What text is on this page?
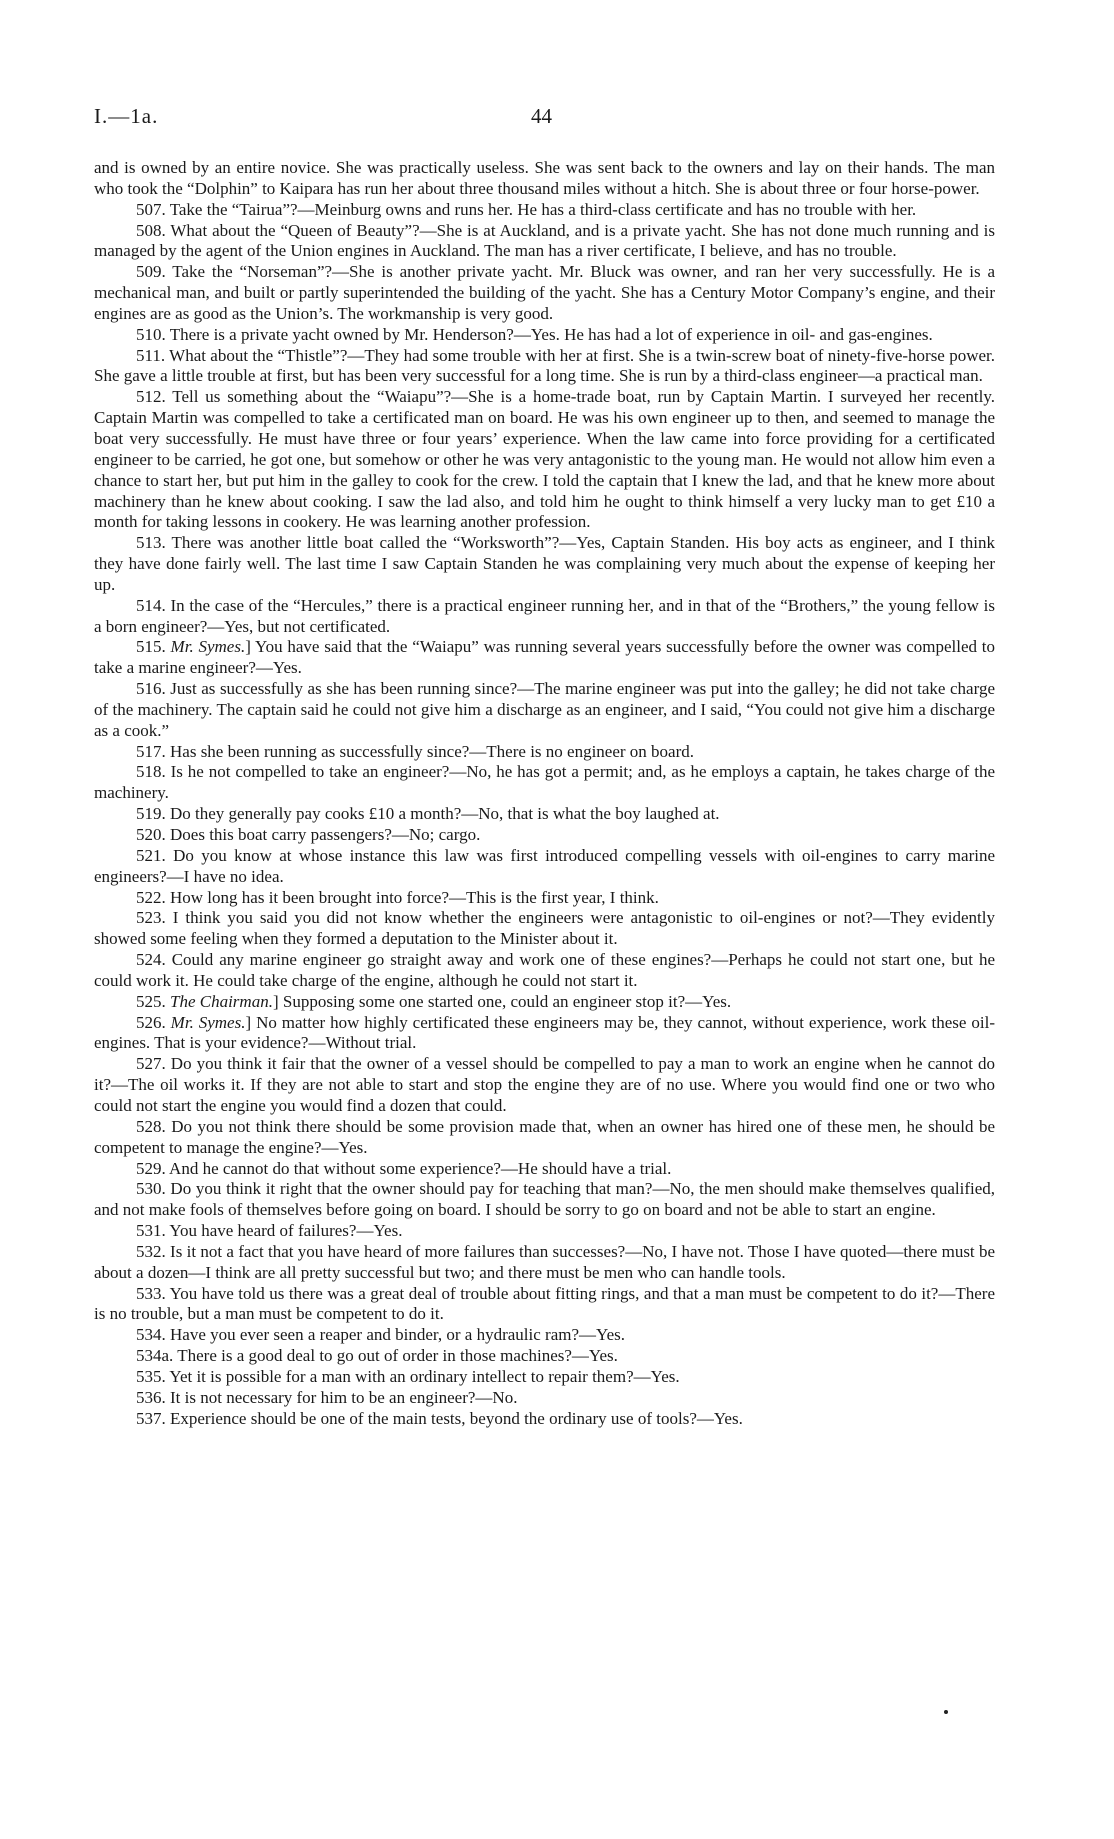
I.—1a.	44

and is owned by an entire novice. She was practically useless. She was sent back to the owners and lay on their hands. The man who took the “Dolphin” to Kaipara has run her about three thousand miles without a hitch. She is about three or four horse-power.

507. Take the “Tairua”?—Meinburg owns and runs her. He has a third-class certificate and has no trouble with her.

508. What about the “Queen of Beauty”?—She is at Auckland, and is a private yacht. She has not done much running and is managed by the agent of the Union engines in Auckland. The man has a river certificate, I believe, and has no trouble.

509. Take the “Norseman”?—She is another private yacht. Mr. Bluck was owner, and ran her very successfully. He is a mechanical man, and built or partly superintended the building of the yacht. She has a Century Motor Company’s engine, and their engines are as good as the Union’s. The workmanship is very good.

510. There is a private yacht owned by Mr. Henderson?—Yes. He has had a lot of experience in oil- and gas-engines.

511. What about the “Thistle”?—They had some trouble with her at first. She is a twin-screw boat of ninety-five-horse power. She gave a little trouble at first, but has been very successful for a long time. She is run by a third-class engineer—a practical man.

512. Tell us something about the “Waiapu”?—She is a home-trade boat, run by Captain Martin. I surveyed her recently. Captain Martin was compelled to take a certificated man on board. He was his own engineer up to then, and seemed to manage the boat very successfully. He must have three or four years’ experience. When the law came into force providing for a certificated engineer to be carried, he got one, but somehow or other he was very antagonistic to the young man. He would not allow him even a chance to start her, but put him in the galley to cook for the crew. I told the captain that I knew the lad, and that he knew more about machinery than he knew about cooking. I saw the lad also, and told him he ought to think himself a very lucky man to get £10 a month for taking lessons in cookery. He was learning another profession.

513. There was another little boat called the “Worksworth”?—Yes, Captain Standen. His boy acts as engineer, and I think they have done fairly well. The last time I saw Captain Standen he was complaining very much about the expense of keeping her up.

514. In the case of the “Hercules,” there is a practical engineer running her, and in that of the “Brothers,” the young fellow is a born engineer?—Yes, but not certificated.

515. Mr. Symes.] You have said that the “Waiapu” was running several years successfully before the owner was compelled to take a marine engineer?—Yes.

516. Just as successfully as she has been running since?—The marine engineer was put into the galley; he did not take charge of the machinery. The captain said he could not give him a discharge as an engineer, and I said, “You could not give him a discharge as a cook.”

517. Has she been running as successfully since?—There is no engineer on board.

518. Is he not compelled to take an engineer?—No, he has got a permit; and, as he employs a captain, he takes charge of the machinery.

519. Do they generally pay cooks £10 a month?—No, that is what the boy laughed at.

520. Does this boat carry passengers?—No; cargo.

521. Do you know at whose instance this law was first introduced compelling vessels with oil-engines to carry marine engineers?—I have no idea.

522. How long has it been brought into force?—This is the first year, I think.

523. I think you said you did not know whether the engineers were antagonistic to oil-engines or not?—They evidently showed some feeling when they formed a deputation to the Minister about it.

524. Could any marine engineer go straight away and work one of these engines?—Perhaps he could not start one, but he could work it. He could take charge of the engine, although he could not start it.

525. The Chairman.] Supposing some one started one, could an engineer stop it?—Yes.

526. Mr. Symes.] No matter how highly certificated these engineers may be, they cannot, without experience, work these oil-engines. That is your evidence?—Without trial.

527. Do you think it fair that the owner of a vessel should be compelled to pay a man to work an engine when he cannot do it?—The oil works it. If they are not able to start and stop the engine they are of no use. Where you would find one or two who could not start the engine you would find a dozen that could.

528. Do you not think there should be some provision made that, when an owner has hired one of these men, he should be competent to manage the engine?—Yes.

529. And he cannot do that without some experience?—He should have a trial.

530. Do you think it right that the owner should pay for teaching that man?—No, the men should make themselves qualified, and not make fools of themselves before going on board. I should be sorry to go on board and not be able to start an engine.

531. You have heard of failures?—Yes.

532. Is it not a fact that you have heard of more failures than successes?—No, I have not. Those I have quoted—there must be about a dozen—I think are all pretty successful but two; and there must be men who can handle tools.

533. You have told us there was a great deal of trouble about fitting rings, and that a man must be competent to do it?—There is no trouble, but a man must be competent to do it.

534. Have you ever seen a reaper and binder, or a hydraulic ram?—Yes.

534a. There is a good deal to go out of order in those machines?—Yes.

535. Yet it is possible for a man with an ordinary intellect to repair them?—Yes.

536. It is not necessary for him to be an engineer?—No.

537. Experience should be one of the main tests, beyond the ordinary use of tools?—Yes.
